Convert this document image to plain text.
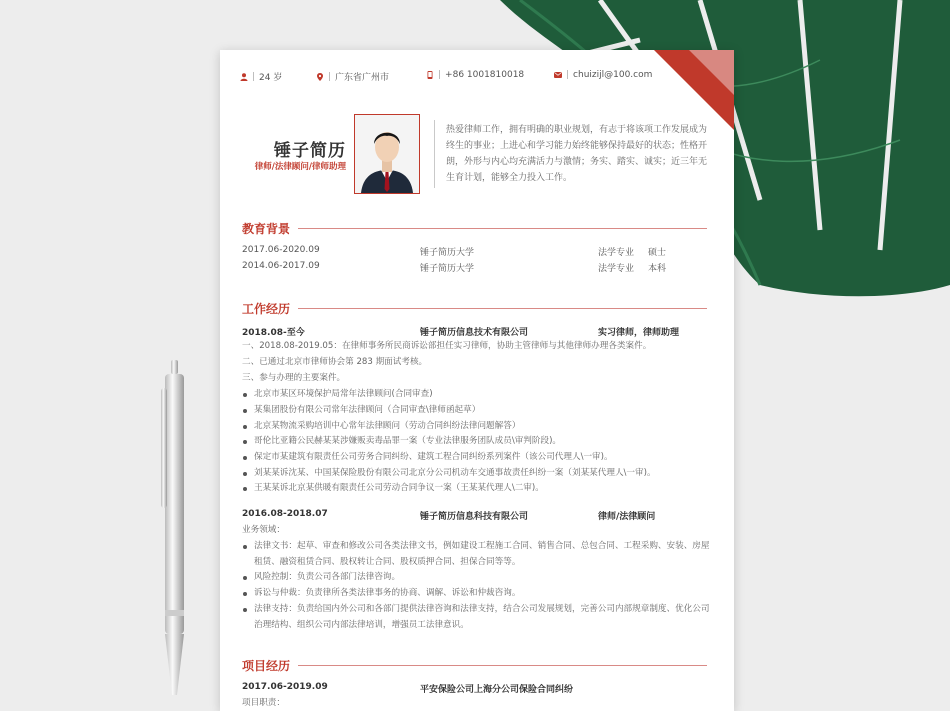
| 24 岁	| 广东省广州市	| +86 1001810018	| chuizijl@100.com
锤子简历
律师/法律顾问/律师助理
热爱律师工作，拥有明确的职业规划，有志于将该项工作发展成为终生的事业；上进心和学习能力始终能够保持最好的状态；性格开朗，外形与内心均充满活力与激情；务实、踏实、诚实；近三年无生育计划，能够全力投入工作。
教育背景
2017.06-2020.09	锤子简历大学	法学专业 硕士
2014.06-2017.09	锤子简历大学	法学专业 本科
工作经历
2018.08-至今	锤子简历信息技术有限公司	实习律师，律师助理
一、2018.08-2019.05：在律师事务所民商诉讼部担任实习律师，协助主管律师与其他律师办理各类案件。
二、已通过北京市律师协会第 283 期面试考核。
三、参与办理的主要案件。
北京市某区环境保护局常年法律顾问(合同审查)
某集团股份有限公司常年法律顾问（合同审查\律师函起草）
北京某物流采购培训中心常年法律顾问（劳动合同纠纷法律问题解答）
哥伦比亚籍公民赫某某涉嫌贩卖毒品罪一案（专业法律服务团队成员\审判阶段)。
保定市某建筑有限责任公司劳务合同纠纷、建筑工程合同纠纷系列案件（该公司代理人\一审)。
刘某某诉沈某、中国某保险股份有限公司北京分公司机动车交通事故责任纠纷一案（刘某某代理人\一审)。
王某某诉北京某供暖有限责任公司劳动合同争议一案（王某某代理人\二审)。
2016.08-2018.07	锤子简历信息科技有限公司	律师/法律顾问
业务领域：
法律文书：起草、审查和修改公司各类法律文书，例如建设工程施工合同、销售合同、总包合同、工程采购、安装、房屋租赁、融资租赁合同、股权转让合同、股权质押合同、担保合同等等。
风险控制：负责公司各部门法律咨询。
诉讼与仲裁：负责律所各类法律事务的协商、调解、诉讼和仲裁咨询。
法律支持：负责给国内外公司和各部门提供法律咨询和法律支持，结合公司发展规划，完善公司内部规章制度、优化公司治理结构、组织公司内部法律培训，增强员工法律意识。
项目经历
2017.06-2019.09	平安保险公司上海分公司保险合同纠纷
项目职责：
